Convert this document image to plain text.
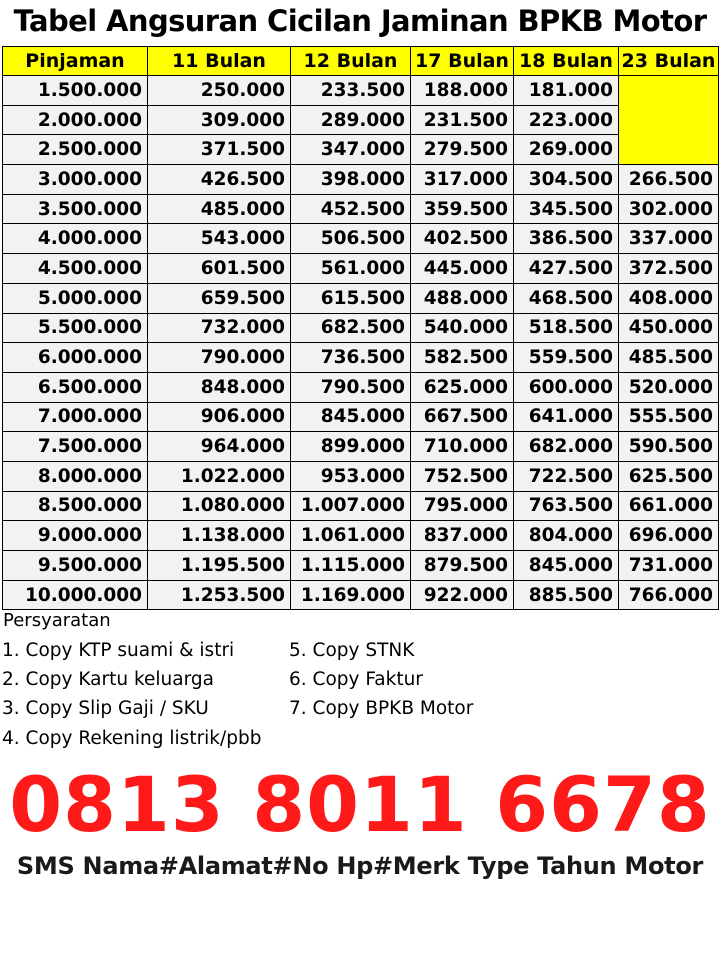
Tabel Angsuran Cicilan Jaminan BPKB Motor
Pinjaman	11 Bulan	12 Bulan	17 Bulan	18 Bulan	23 Bulan
1.500.000	250.000	233.500	188.000	181.000	
2.000.000	309.000	289.000	231.500	223.000	
2.500.000	371.500	347.000	279.500	269.000	
3.000.000	426.500	398.000	317.000	304.500	266.500
3.500.000	485.000	452.500	359.500	345.500	302.000
4.000.000	543.000	506.500	402.500	386.500	337.000
4.500.000	601.500	561.000	445.000	427.500	372.500
5.000.000	659.500	615.500	488.000	468.500	408.000
5.500.000	732.000	682.500	540.000	518.500	450.000
6.000.000	790.000	736.500	582.500	559.500	485.500
6.500.000	848.000	790.500	625.000	600.000	520.000
7.000.000	906.000	845.000	667.500	641.000	555.500
7.500.000	964.000	899.000	710.000	682.000	590.500
8.000.000	1.022.000	953.000	752.500	722.500	625.500
8.500.000	1.080.000	1.007.000	795.000	763.500	661.000
9.000.000	1.138.000	1.061.000	837.000	804.000	696.000
9.500.000	1.195.500	1.115.000	879.500	845.000	731.000
10.000.000	1.253.500	1.169.000	922.000	885.500	766.000
Persyaratan
1. Copy KTP suami & istri
2. Copy Kartu keluarga
3. Copy Slip Gaji / SKU
4. Copy Rekening listrik/pbb
5. Copy STNK
6. Copy Faktur
7. Copy BPKB Motor
0813 8011 6678
SMS Nama#Alamat#No Hp#Merk Type Tahun Motor
